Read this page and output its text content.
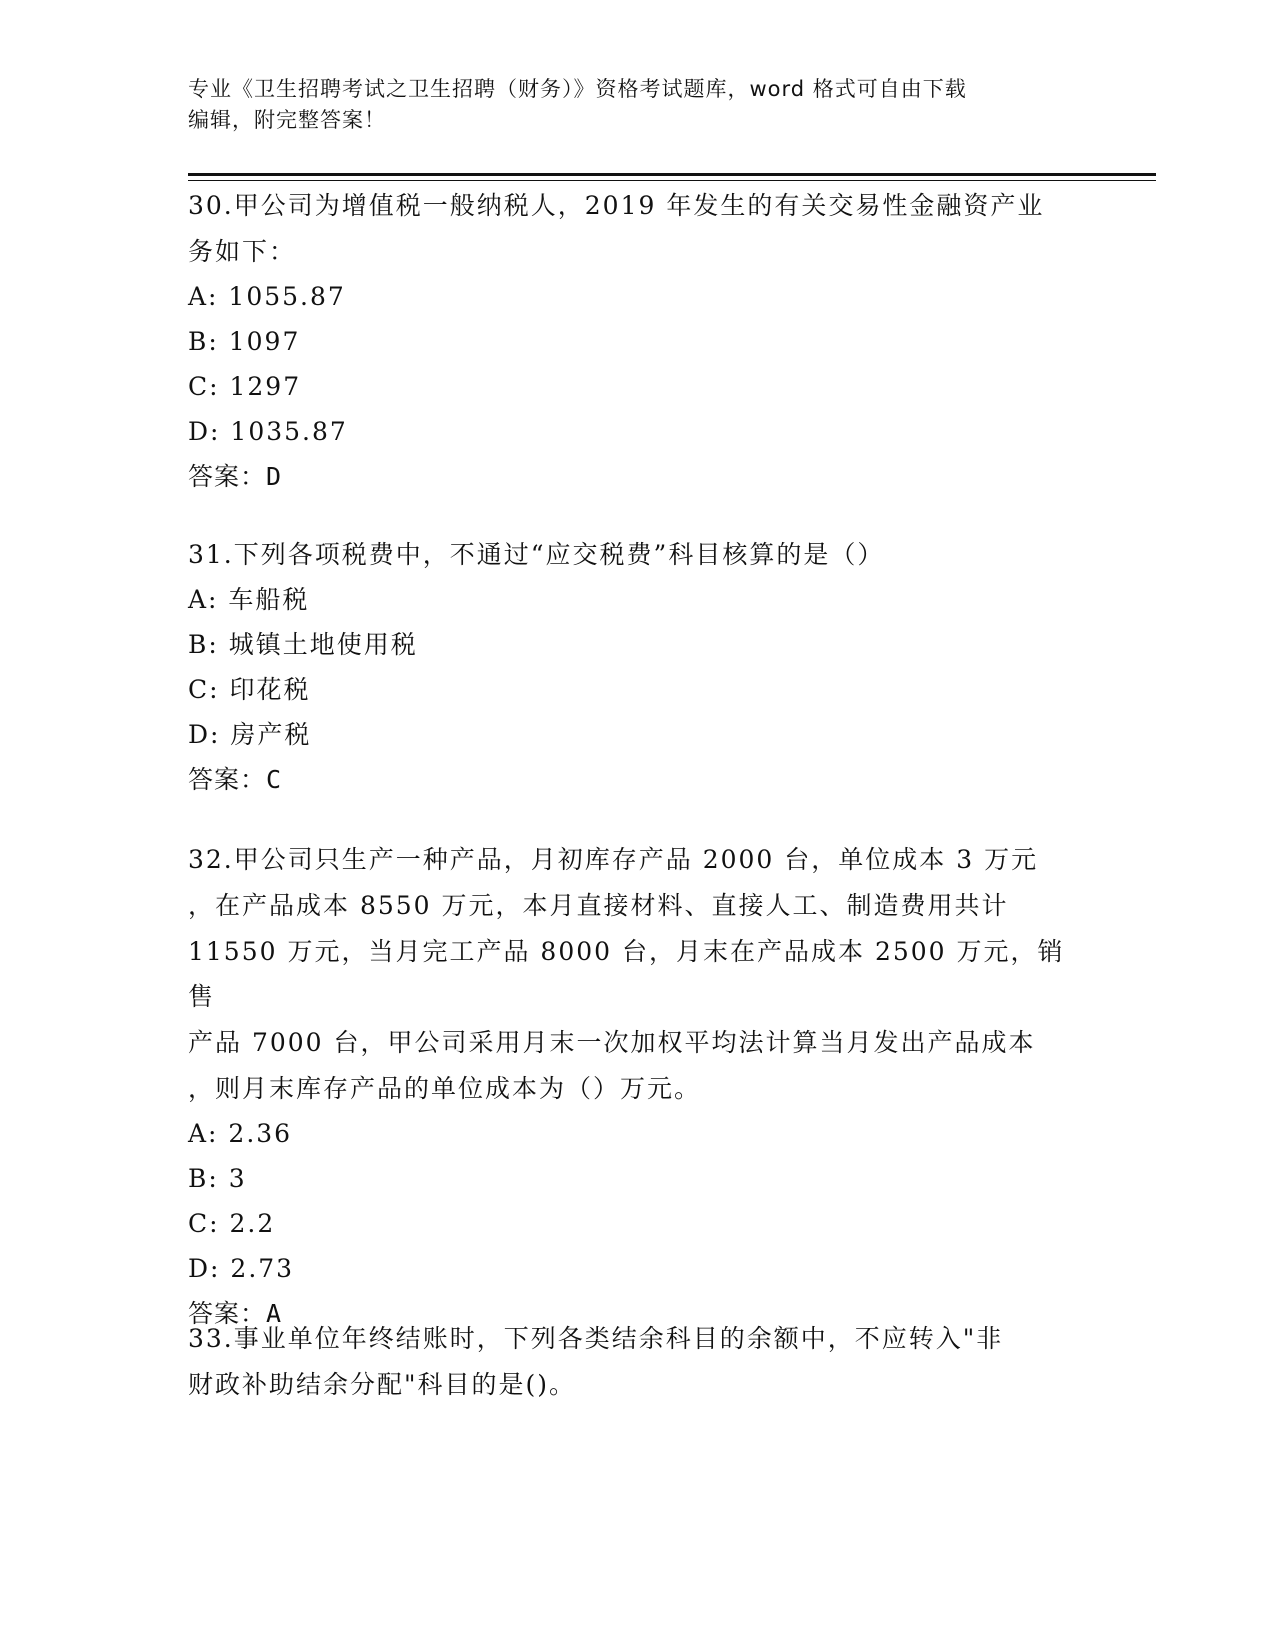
专业《卫生招聘考试之卫生招聘（财务）》资格考试题库，word 格式可自由下载
编辑，附完整答案！
30.甲公司为增值税一般纳税人，2019 年发生的有关交易性金融资产业
务如下：
A: 1055.87
B: 1097
C: 1297
D: 1035.87
答案：D
31.下列各项税费中，不通过“应交税费”科目核算的是（）
A: 车船税
B: 城镇土地使用税
C: 印花税
D: 房产税
答案：C
32.甲公司只生产一种产品，月初库存产品 2000 台，单位成本 3 万元
，在产品成本 8550 万元，本月直接材料、直接人工、制造费用共计
11550 万元，当月完工产品 8000 台，月末在产品成本 2500 万元，销售
产品 7000 台，甲公司采用月末一次加权平均法计算当月发出产品成本
，则月末库存产品的单位成本为（）万元。
A: 2.36
B: 3
C: 2.2
D: 2.73
答案：A
33.事业单位年终结账时，下列各类结余科目的余额中，不应转入"非
财政补助结余分配"科目的是()。
